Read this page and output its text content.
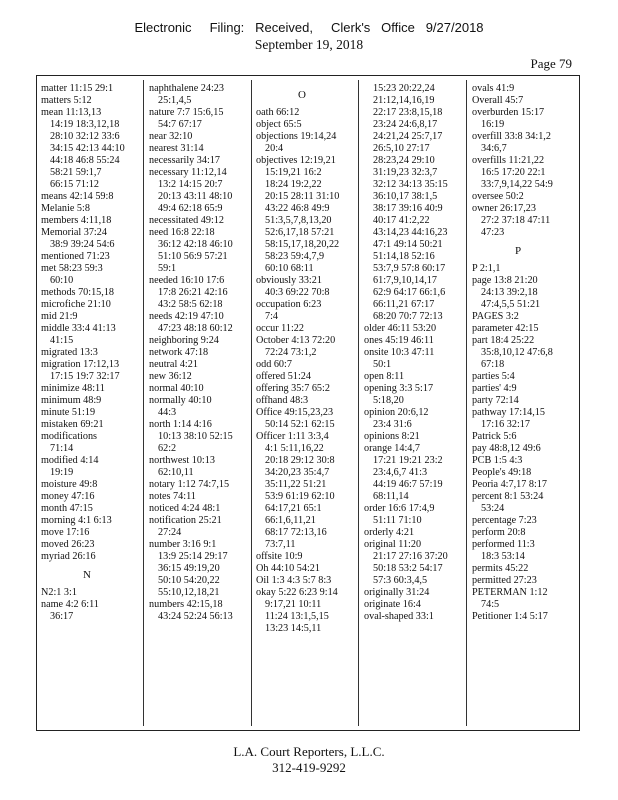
Electronic     Filing:   Received,     Clerk's   Office   9/27/2018
September 19, 2018
Page 79
matter 11:15 29:1
matters 5:12
mean 11:13,13
14:19 18:3,12,18
28:10 32:12 33:6
34:15 42:13 44:10
44:18 46:8 55:24
58:21 59:1,7
66:15 71:12
means 42:14 59:8
Melanie 5:8
members 4:11,18
Memorial 37:24
38:9 39:24 54:6
mentioned 71:23
met 58:23 59:3
60:10
methods 70:15,18
microfiche 21:10
mid 21:9
middle 33:4 41:13
41:15
migrated 13:3
migration 17:12,13
17:15 19:7 32:17
minimize 48:11
minimum 48:9
minute 51:19
mistaken 69:21
modifications
71:14
modified 4:14
19:19
moisture 49:8
money 47:16
month 47:15
morning 4:1 6:13
move 17:16
moved 26:23
myriad 26:16
N
N2:1 3:1
name 4:2 6:11
36:17
naphthalene 24:23
25:1,4,5
nature 7:7 15:6,15
54:7 67:17
near 32:10
nearest 31:14
necessarily 34:17
necessary 11:12,14
13:2 14:15 20:7
20:13 43:11 48:10
49:4 62:18 65:9
necessitated 49:12
need 16:8 22:18
36:12 42:18 46:10
51:10 56:9 57:21
59:1
needed 16:10 17:6
17:8 26:21 42:16
43:2 58:5 62:18
needs 42:19 47:10
47:23 48:18 60:12
neighboring 9:24
network 47:18
neutral 4:21
new 36:12
normal 40:10
normally 40:10
44:3
north 1:14 4:16
10:13 38:10 52:15
62:2
northwest 10:13
62:10,11
notary 1:12 74:7,15
notes 74:11
noticed 4:24 48:1
notification 25:21
27:24
number 3:16 9:1
13:9 25:14 29:17
36:15 49:19,20
50:10 54:20,22
55:10,12,18,21
numbers 42:15,18
43:24 52:24 56:13
O
oath 66:12
object 65:5
objections 19:14,24
20:4
objectives 12:19,21
15:19,21 16:2
18:24 19:2,22
20:15 28:11 31:10
43:22 46:8 49:9
51:3,5,7,8,13,20
52:6,17,18 57:21
58:15,17,18,20,22
58:23 59:4,7,9
60:10 68:11
obviously 33:21
40:3 69:22 70:8
occupation 6:23
7:4
occur 11:22
October 4:13 72:20
72:24 73:1,2
odd 60:7
offered 51:24
offering 35:7 65:2
offhand 48:3
Office 49:15,23,23
50:14 52:1 62:15
Officer 1:11 3:3,4
4:1 5:11,16,22
20:18 29:12 30:8
34:20,23 35:4,7
35:11,22 51:21
53:9 61:19 62:10
64:17,21 65:1
66:1,6,11,21
68:17 72:13,16
73:7,11
offsite 10:9
Oh 44:10 54:21
Oil 1:3 4:3 5:7 8:3
okay 5:22 6:23 9:14
9:17,21 10:11
11:24 13:1,5,15
13:23 14:5,11
15:23 20:22,24
21:12,14,16,19
22:17 23:8,15,18
23:24 24:6,8,17
24:21,24 25:7,17
26:5,10 27:17
28:23,24 29:10
31:19,23 32:3,7
32:12 34:13 35:15
36:10,17 38:1,5
38:17 39:16 40:9
40:17 41:2,22
43:14,23 44:16,23
47:1 49:14 50:21
51:14,18 52:16
53:7,9 57:8 60:17
61:7,9,10,14,17
62:9 64:17 66:1,6
66:11,21 67:17
68:20 70:7 72:13
older 46:11 53:20
ones 45:19 46:11
onsite 10:3 47:11
50:1
open 8:11
opening 3:3 5:17
5:18,20
opinion 20:6,12
23:4 31:6
opinions 8:21
orange 14:4,7
17:21 19:21 23:2
23:4,6,7 41:3
44:19 46:7 57:19
68:11,14
order 16:6 17:4,9
51:11 71:10
orderly 4:21
original 11:20
21:17 27:16 37:20
50:18 53:2 54:17
57:3 60:3,4,5
originally 31:24
originate 16:4
oval-shaped 33:1
ovals 41:9
Overall 45:7
overburden 15:17
16:19
overfill 33:8 34:1,2
34:6,7
overfills 11:21,22
16:5 17:20 22:1
33:7,9,14,22 54:9
oversee 50:2
owner 26:17,23
27:2 37:18 47:11
47:23
P
P 2:1,1
page 13:8 21:20
24:13 39:2,18
47:4,5,5 51:21
PAGES 3:2
parameter 42:15
part 18:4 25:22
35:8,10,12 47:6,8
67:18
parties 5:4
parties' 4:9
party 72:14
pathway 17:14,15
17:16 32:17
Patrick 5:6
pay 48:8,12 49:6
PCB 1:5 4:3
People's 49:18
Peoria 4:7,17 8:17
percent 8:1 53:24
53:24
percentage 7:23
perform 20:8
performed 11:3
18:3 53:14
permits 45:22
permitted 27:23
PETERMAN 1:12
74:5
Petitioner 1:4 5:17
L.A. Court Reporters, L.L.C.
312-419-9292
